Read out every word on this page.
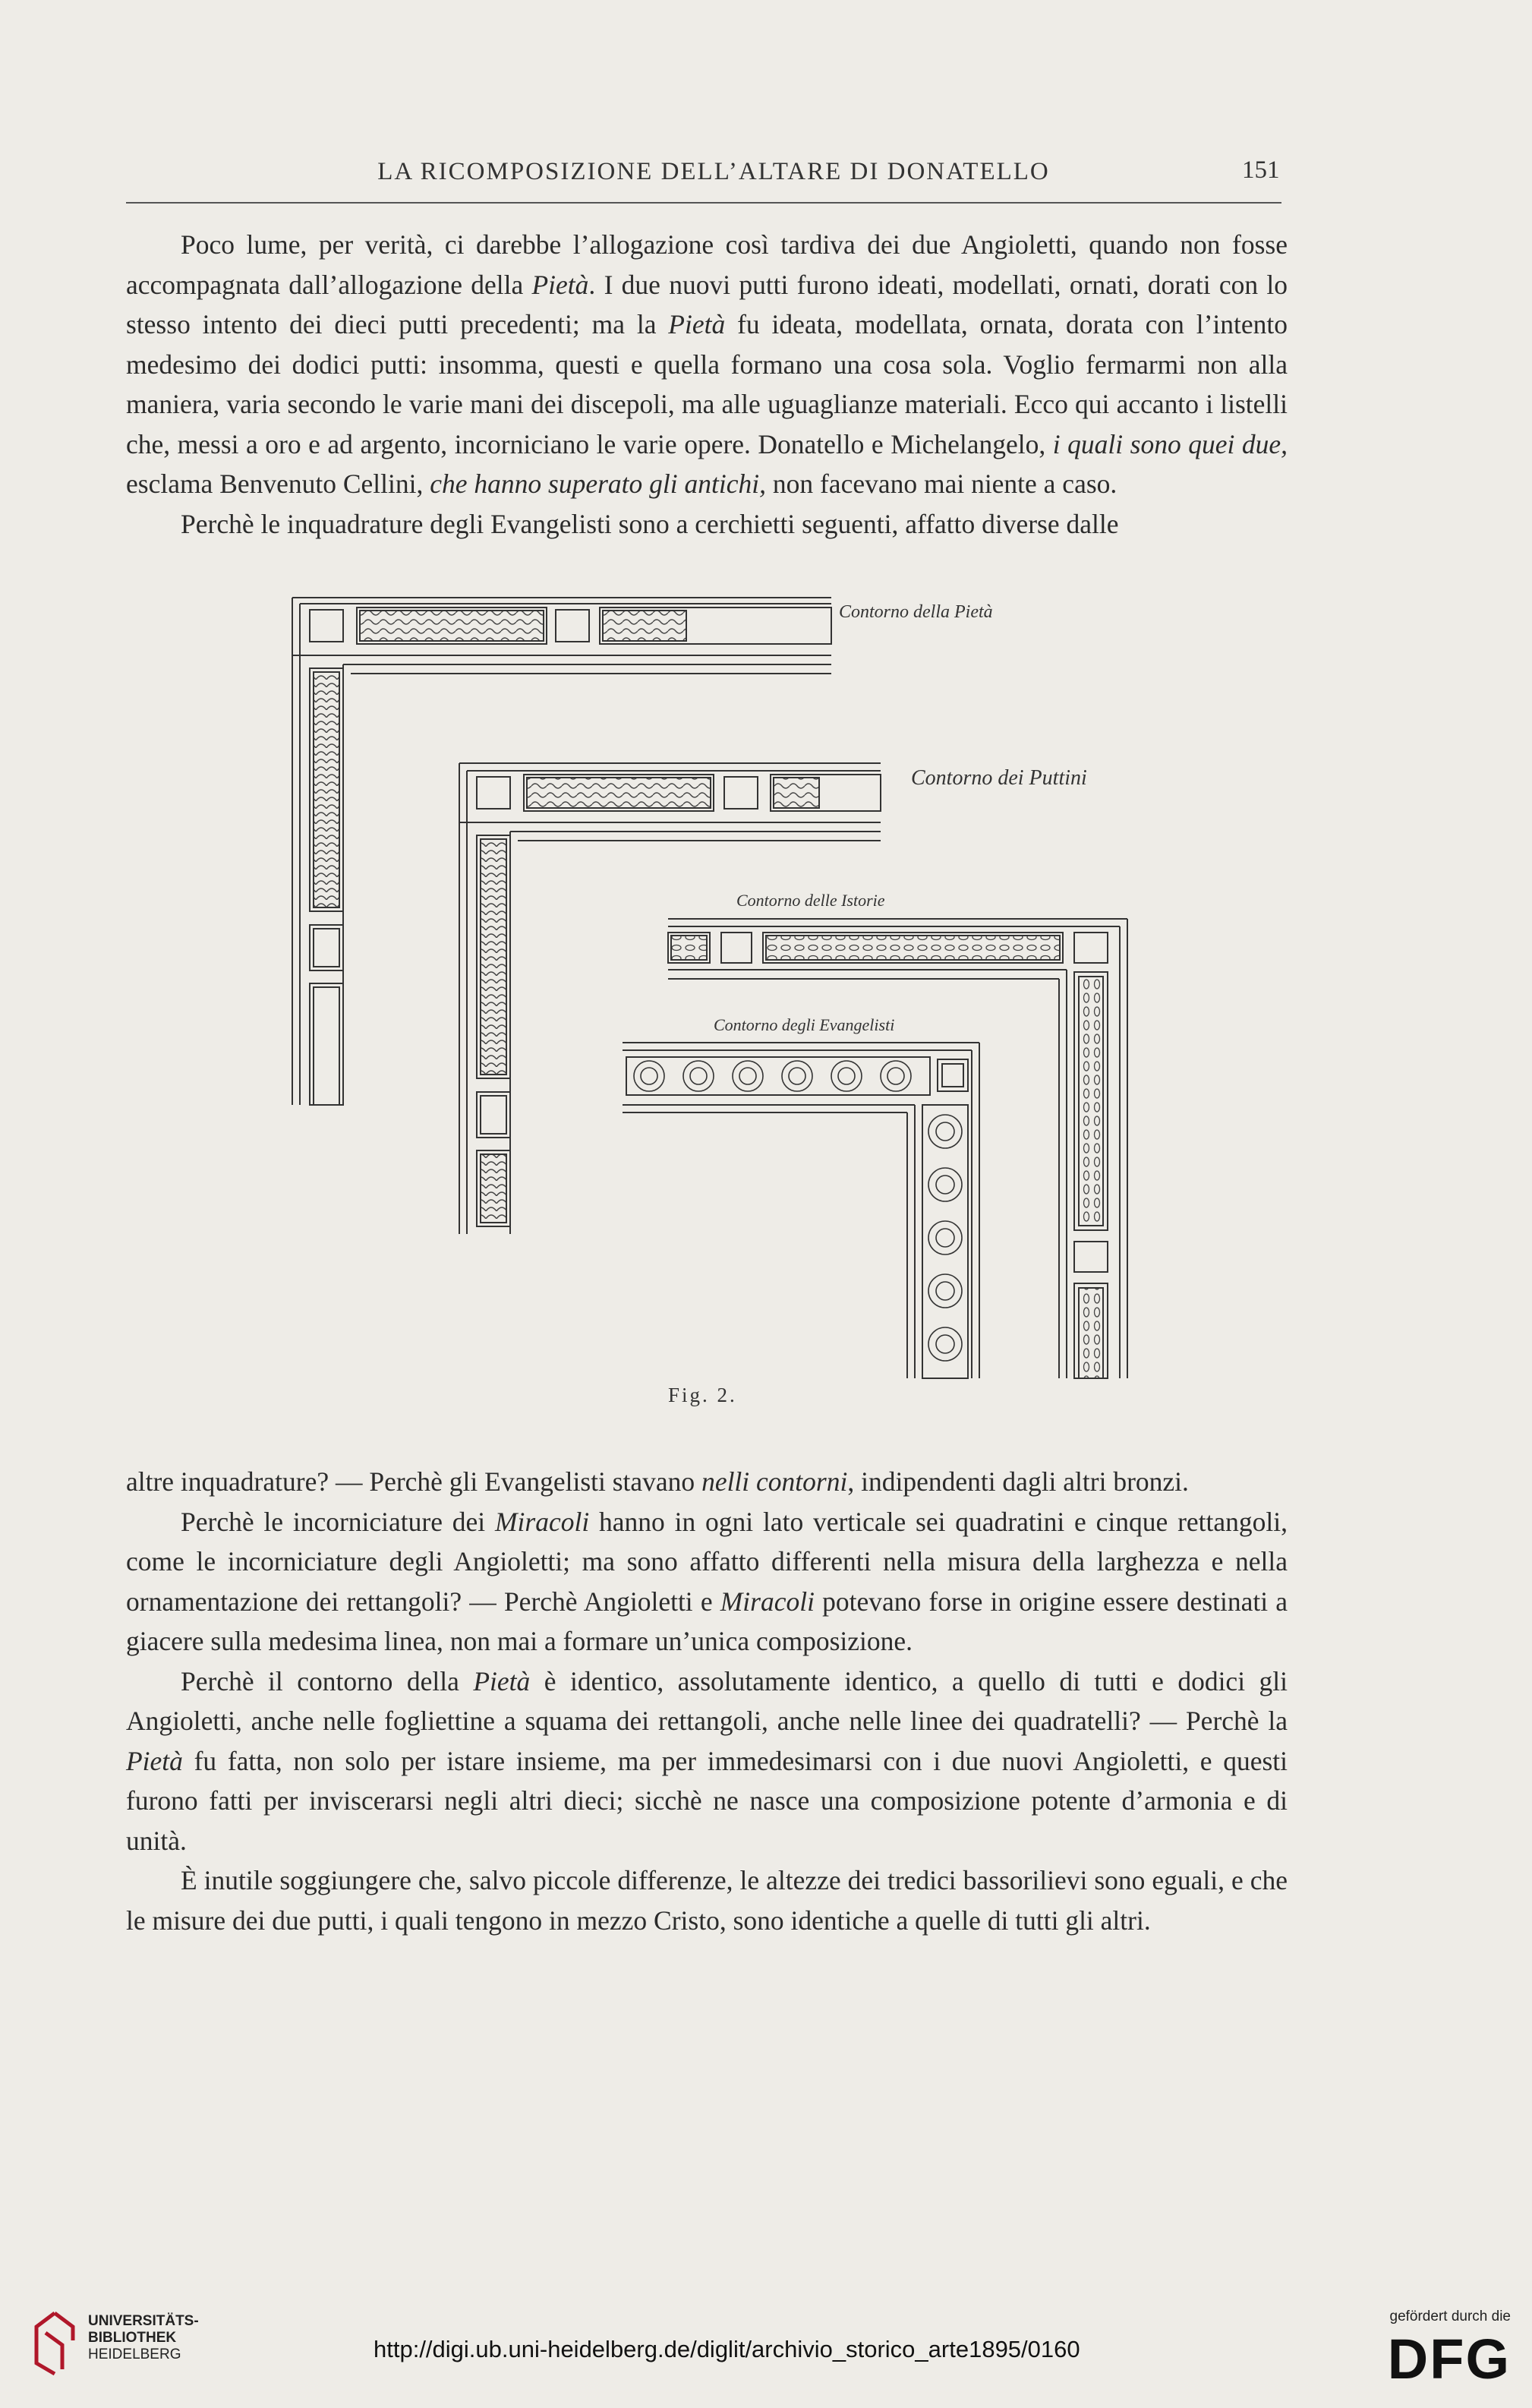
LA RICOMPOSIZIONE DELL’ALTARE DI DONATELLO	151

Poco lume, per verità, ci darebbe l’allogazione così tardiva dei due Angioletti, quando non fosse accompagnata dall’allogazione della Pietà. I due nuovi putti furono ideati, modellati, ornati, dorati con lo stesso intento dei dieci putti precedenti; ma la Pietà fu ideata, modellata, ornata, dorata con l’intento medesimo dei dodici putti: insomma, questi e quella formano una cosa sola. Voglio fermarmi non alla maniera, varia secondo le varie mani dei discepoli, ma alle uguaglianze materiali. Ecco qui accanto i listelli che, messi a oro e ad argento, incorniciano le varie opere. Donatello e Michelangelo, i quali sono quei due, esclama Benvenuto Cellini, che hanno superato gli antichi, non facevano mai niente a caso.

Perchè le inquadrature degli Evangelisti sono a cerchietti seguenti, affatto diverse dalle

Contorno della Pietà
Contorno dei Puttini
Contorno delle Istorie
Contorno degli Evangelisti
Fig. 2.

altre inquadrature? — Perchè gli Evangelisti stavano nelli contorni, indipendenti dagli altri bronzi.

Perchè le incorniciature dei Miracoli hanno in ogni lato verticale sei quadratini e cinque rettangoli, come le incorniciature degli Angioletti; ma sono affatto differenti nella misura della larghezza e nella ornamentazione dei rettangoli? — Perchè Angioletti e Miracoli potevano forse in origine essere destinati a giacere sulla medesima linea, non mai a formare un’unica composizione.

Perchè il contorno della Pietà è identico, assolutamente identico, a quello di tutti e dodici gli Angioletti, anche nelle fogliettine a squama dei rettangoli, anche nelle linee dei quadratelli? — Perchè la Pietà fu fatta, non solo per istare insieme, ma per immedesimarsi con i due nuovi Angioletti, e questi furono fatti per inviscerarsi negli altri dieci; sicchè ne nasce una composizione potente d’armonia e di unità.

È inutile soggiungere che, salvo piccole differenze, le altezze dei tredici bassorilievi sono eguali, e che le misure dei due putti, i quali tengono in mezzo Cristo, sono identiche a quelle di tutti gli altri.

UNIVERSITÄTS-
BIBLIOTHEK
HEIDELBERG	http://digi.ub.uni-heidelberg.de/diglit/archivio_storico_arte1895/0160
gefördert durch die
DFG
